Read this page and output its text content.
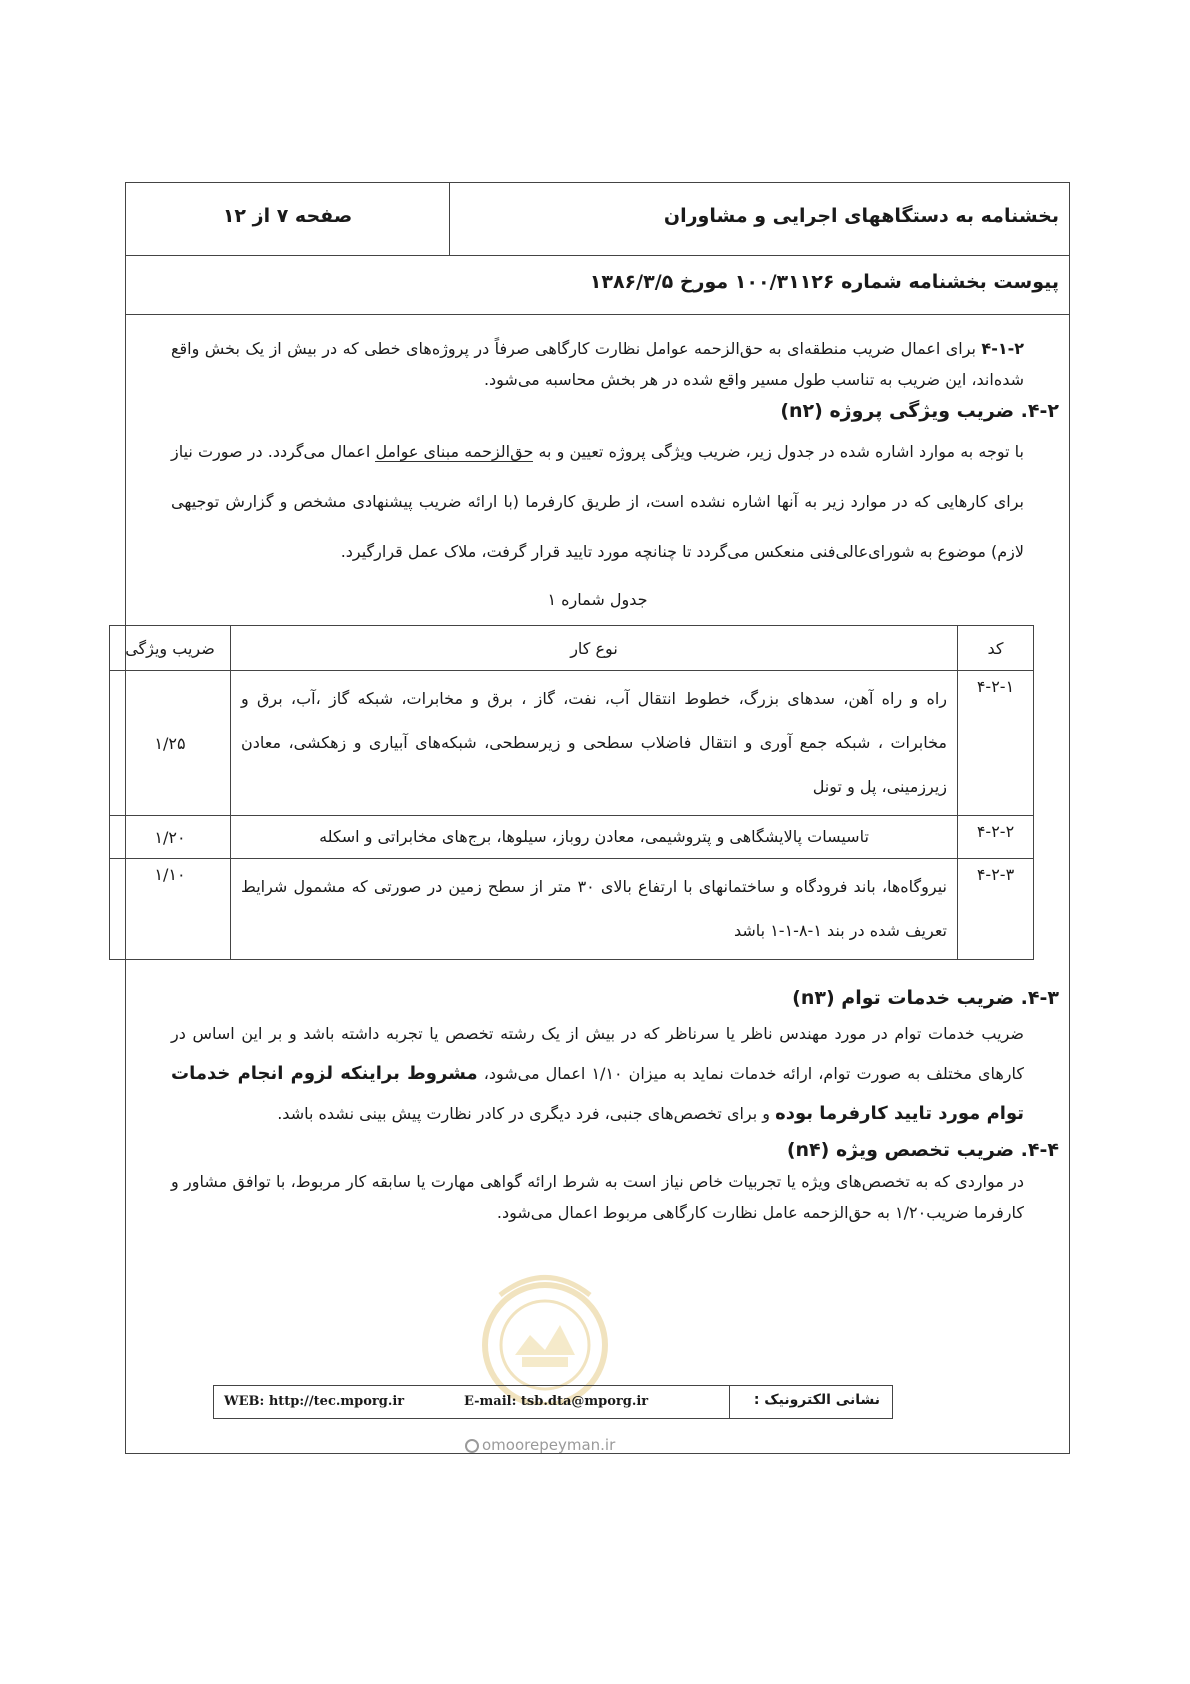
بخشنامه به دستگاههای اجرایی و مشاوران
صفحه ۷ از ۱۲
پیوست بخشنامه شماره ۱۰۰/۳۱۱۲۶ مورخ ۱۳۸۶/۳/۵

۴-۱-۲ برای اعمال ضریب منطقه‌ای به حق‌الزحمه عوامل نظارت کارگاهی صرفاً در پروژه‌های خطی که در بیش از یک بخش واقع شده‌اند، این ضریب به تناسب طول مسیر واقع شده در هر بخش محاسبه می‌شود.

۴-۲. ضریب ویژگی پروژه (n۲)

با توجه به موارد اشاره شده در جدول زیر، ضریب ویژگی پروژه تعیین و به حق‌الزحمه مبنای عوامل اعمال می‌گردد. در صورت نیاز برای کارهایی که در موارد زیر به آنها اشاره نشده است، از طریق کارفرما (با ارائه ضریب پیشنهادی مشخص و گزارش توجیهی لازم) موضوع به شورای‌عالی‌فنی منعکس می‌گردد تا چنانچه مورد تایید قرار گرفت، ملاک عمل قرارگیرد.

جدول شماره ۱
کد	نوع کار	ضریب ویژگی
۴-۲-۱	راه و راه آهن، سدهای بزرگ، خطوط انتقال آب، نفت، گاز ، برق و مخابرات، شبکه گاز ،آب، برق و مخابرات ، شبکه جمع آوری و انتقال فاضلاب سطحی و زیرسطحی، شبکه‌های آبیاری و زهکشی، معادن زیرزمینی، پل و تونل	۱/۲۵
۴-۲-۲	تاسیسات پالایشگاهی و پتروشیمی، معادن روباز، سیلوها، برج‌های مخابراتی و اسکله	۱/۲۰
۴-۲-۳	نیروگاه‌ها، باند فرودگاه و ساختمانهای با ارتفاع بالای ۳۰ متر از سطح زمین در صورتی که مشمول شرایط تعریف شده در بند ۱-۸-۱-۱ باشد	۱/۱۰

۴-۳. ضریب خدمات توام (n۳)

ضریب خدمات توام در مورد مهندس ناظر یا سرناظر که در بیش از یک رشته تخصص یا تجربه داشته باشد و بر این اساس در کارهای مختلف به صورت توام، ارائه خدمات نماید به میزان ۱/۱۰ اعمال می‌شود، مشروط براینکه لزوم انجام خدمات توام مورد تایید کارفرما بوده و برای تخصص‌های جنبی، فرد دیگری در کادر نظارت پیش بینی نشده باشد.

۴-۴. ضریب تخصص ویژه (n۴)

در مواردی که به تخصص‌های ویژه یا تجربیات خاص نیاز است به شرط ارائه گواهی مهارت یا سابقه کار مربوط، با توافق مشاور و کارفرما ضریب۱/۲۰ به حق‌الزحمه عامل نظارت کارگاهی مربوط اعمال می‌شود.

WEB: http://tec.mporg.ir	E-mail: tsb.dta@mporg.ir	نشانی الکترونیک :
omoorepeyman.ir
